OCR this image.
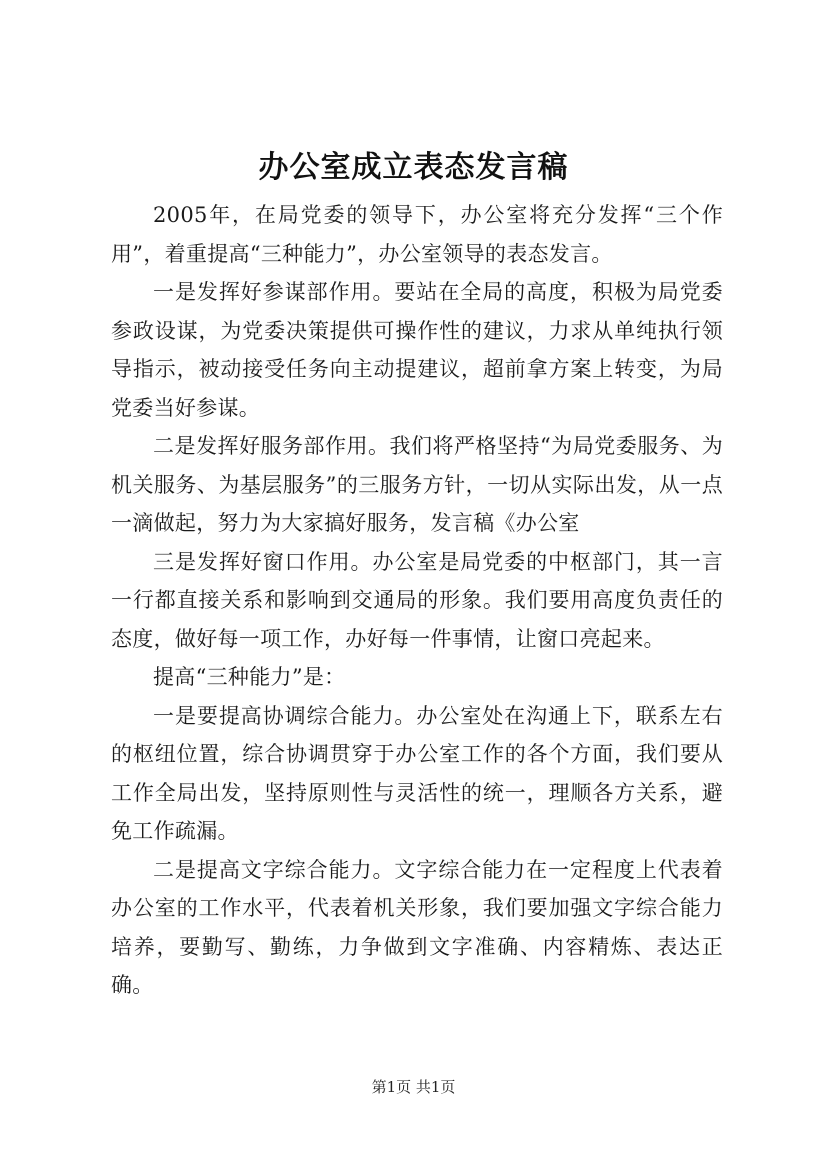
办公室成立表态发言稿

2005年，在局党委的领导下，办公室将充分发挥“三个作用”，着重提高“三种能力”，办公室领导的表态发言。

一是发挥好参谋部作用。要站在全局的高度，积极为局党委参政设谋，为党委决策提供可操作性的建议，力求从单纯执行领导指示，被动接受任务向主动提建议，超前拿方案上转变，为局党委当好参谋。

二是发挥好服务部作用。我们将严格坚持“为局党委服务、为机关服务、为基层服务”的三服务方针，一切从实际出发，从一点一滴做起，努力为大家搞好服务，发言稿《办公室

三是发挥好窗口作用。办公室是局党委的中枢部门，其一言一行都直接关系和影响到交通局的形象。我们要用高度负责任的态度，做好每一项工作，办好每一件事情，让窗口亮起来。

提高“三种能力”是：

一是要提高协调综合能力。办公室处在沟通上下，联系左右的枢纽位置，综合协调贯穿于办公室工作的各个方面，我们要从工作全局出发，坚持原则性与灵活性的统一，理顺各方关系，避免工作疏漏。

二是提高文字综合能力。文字综合能力在一定程度上代表着办公室的工作水平，代表着机关形象，我们要加强文字综合能力培养，要勤写、勤练，力争做到文字准确、内容精炼、表达正确。

第1页 共1页
